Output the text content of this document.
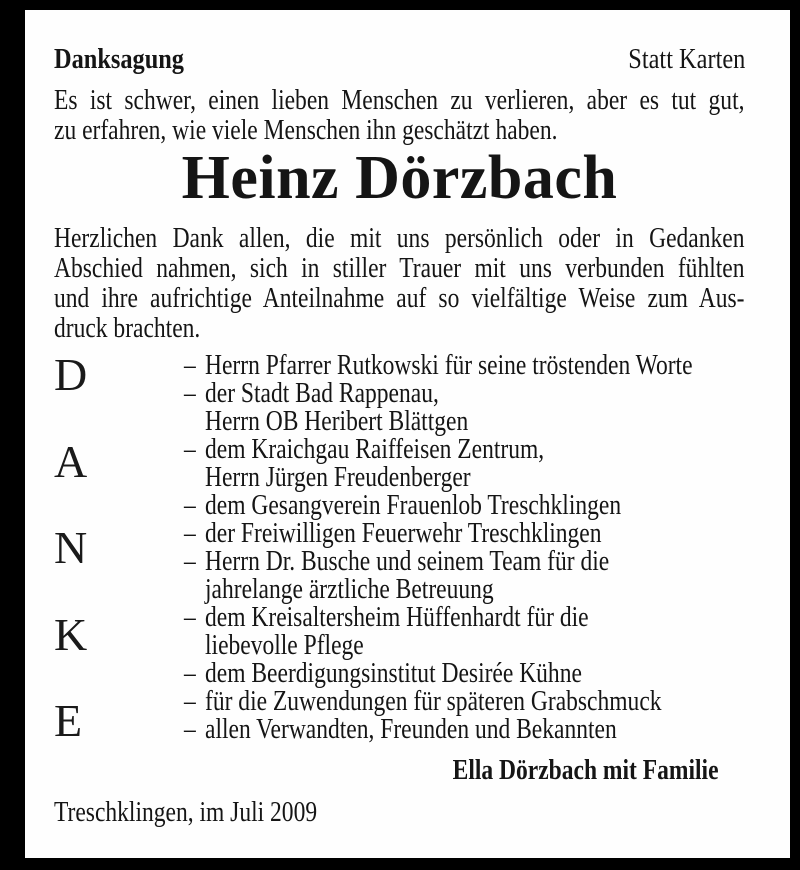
Danksagung	Statt Karten
Es ist schwer, einen lieben Menschen zu verlieren, aber es tut gut,
zu erfahren, wie viele Menschen ihn geschätzt haben.
Heinz Dörzbach
Herzlichen Dank allen, die mit uns persönlich oder in Gedanken
Abschied nahmen, sich in stiller Trauer mit uns verbunden fühlten
und ihre aufrichtige Anteilnahme auf so vielfältige Weise zum Aus-
druck brachten.
D
A
N
K
E
– Herrn Pfarrer Rutkowski für seine tröstenden Worte
– der Stadt Bad Rappenau,
Herrn OB Heribert Blättgen
– dem Kraichgau Raiffeisen Zentrum,
Herrn Jürgen Freudenberger
– dem Gesangverein Frauenlob Treschklingen
– der Freiwilligen Feuerwehr Treschklingen
– Herrn Dr. Busche und seinem Team für die
jahrelange ärztliche Betreuung
– dem Kreisaltersheim Hüffenhardt für die
liebevolle Pflege
– dem Beerdigungsinstitut Desirée Kühne
– für die Zuwendungen für späteren Grabschmuck
– allen Verwandten, Freunden und Bekannten
Ella Dörzbach mit Familie
Treschklingen, im Juli 2009
